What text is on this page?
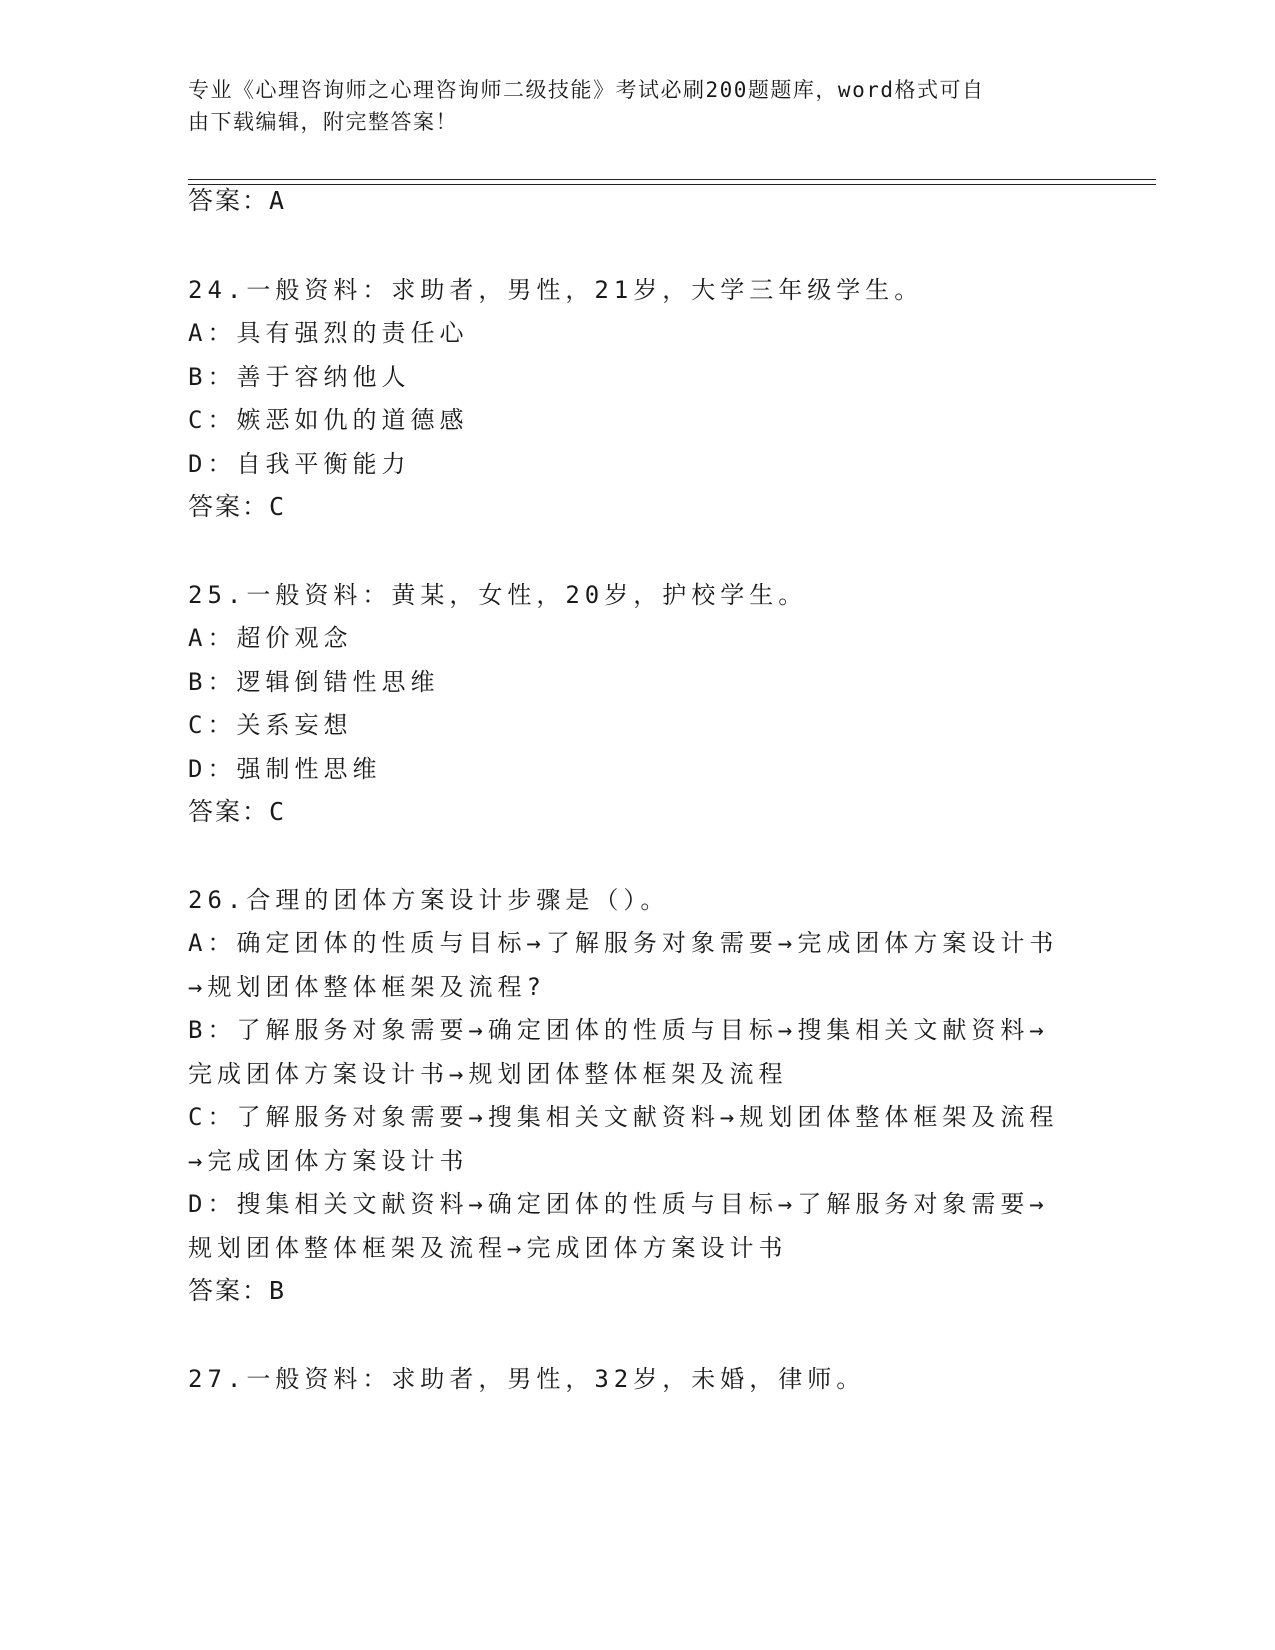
专业《心理咨询师之心理咨询师二级技能》考试必刷200题题库，word格式可自
由下载编辑，附完整答案！
答案：A
24.一般资料：求助者，男性，21岁，大学三年级学生。
A：具有强烈的责任心
B：善于容纳他人
C：嫉恶如仇的道德感
D：自我平衡能力
答案：C
25.一般资料：黄某，女性，20岁，护校学生。
A：超价观念
B：逻辑倒错性思维
C：关系妄想
D：强制性思维
答案：C
26.合理的团体方案设计步骤是（）。
A：确定团体的性质与目标→了解服务对象需要→完成团体方案设计书
→规划团体整体框架及流程?
B：了解服务对象需要→确定团体的性质与目标→搜集相关文献资料→
完成团体方案设计书→规划团体整体框架及流程
C：了解服务对象需要→搜集相关文献资料→规划团体整体框架及流程
→完成团体方案设计书
D：搜集相关文献资料→确定团体的性质与目标→了解服务对象需要→
规划团体整体框架及流程→完成团体方案设计书
答案：B
27.一般资料：求助者，男性，32岁，未婚，律师。
